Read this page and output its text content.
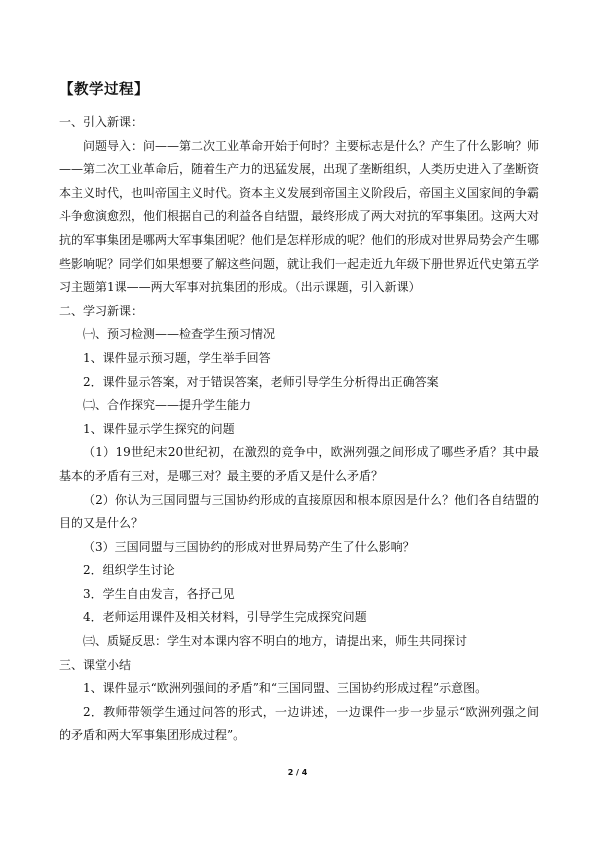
【教学过程】

一、引入新课：

问题导入：问——第二次工业革命开始于何时？主要标志是什么？产生了什么影响？师——第二次工业革命后，随着生产力的迅猛发展，出现了垄断组织，人类历史进入了垄断资本主义时代，也叫帝国主义时代。资本主义发展到帝国主义阶段后，帝国主义国家间的争霸斗争愈演愈烈，他们根据自己的利益各自结盟，最终形成了两大对抗的军事集团。这两大对抗的军事集团是哪两大军事集团呢？他们是怎样形成的呢？他们的形成对世界局势会产生哪些影响呢？同学们如果想要了解这些问题，就让我们一起走近九年级下册世界近代史第五学习主题第1课——两大军事对抗集团的形成。（出示课题，引入新课）

二、学习新课：

㈠、预习检测——检查学生预习情况

1、课件显示预习题，学生举手回答

2．课件显示答案，对于错误答案，老师引导学生分析得出正确答案

㈡、合作探究——提升学生能力

1、课件显示学生探究的问题

（1）19世纪末20世纪初，在激烈的竞争中，欧洲列强之间形成了哪些矛盾？其中最基本的矛盾有三对，是哪三对？最主要的矛盾又是什么矛盾？

（2）你认为三国同盟与三国协约形成的直接原因和根本原因是什么？他们各自结盟的目的又是什么？

（3）三国同盟与三国协约的形成对世界局势产生了什么影响？

2．组织学生讨论

3．学生自由发言，各抒己见

4．老师运用课件及相关材料，引导学生完成探究问题

㈢、质疑反思：学生对本课内容不明白的地方，请提出来，师生共同探讨

三、课堂小结

1、课件显示“欧洲列强间的矛盾”和“三国同盟、三国协约形成过程”示意图。

2．教师带领学生通过问答的形式，一边讲述，一边课件一步一步显示“欧洲列强之间的矛盾和两大军事集团形成过程”。

2 / 4
